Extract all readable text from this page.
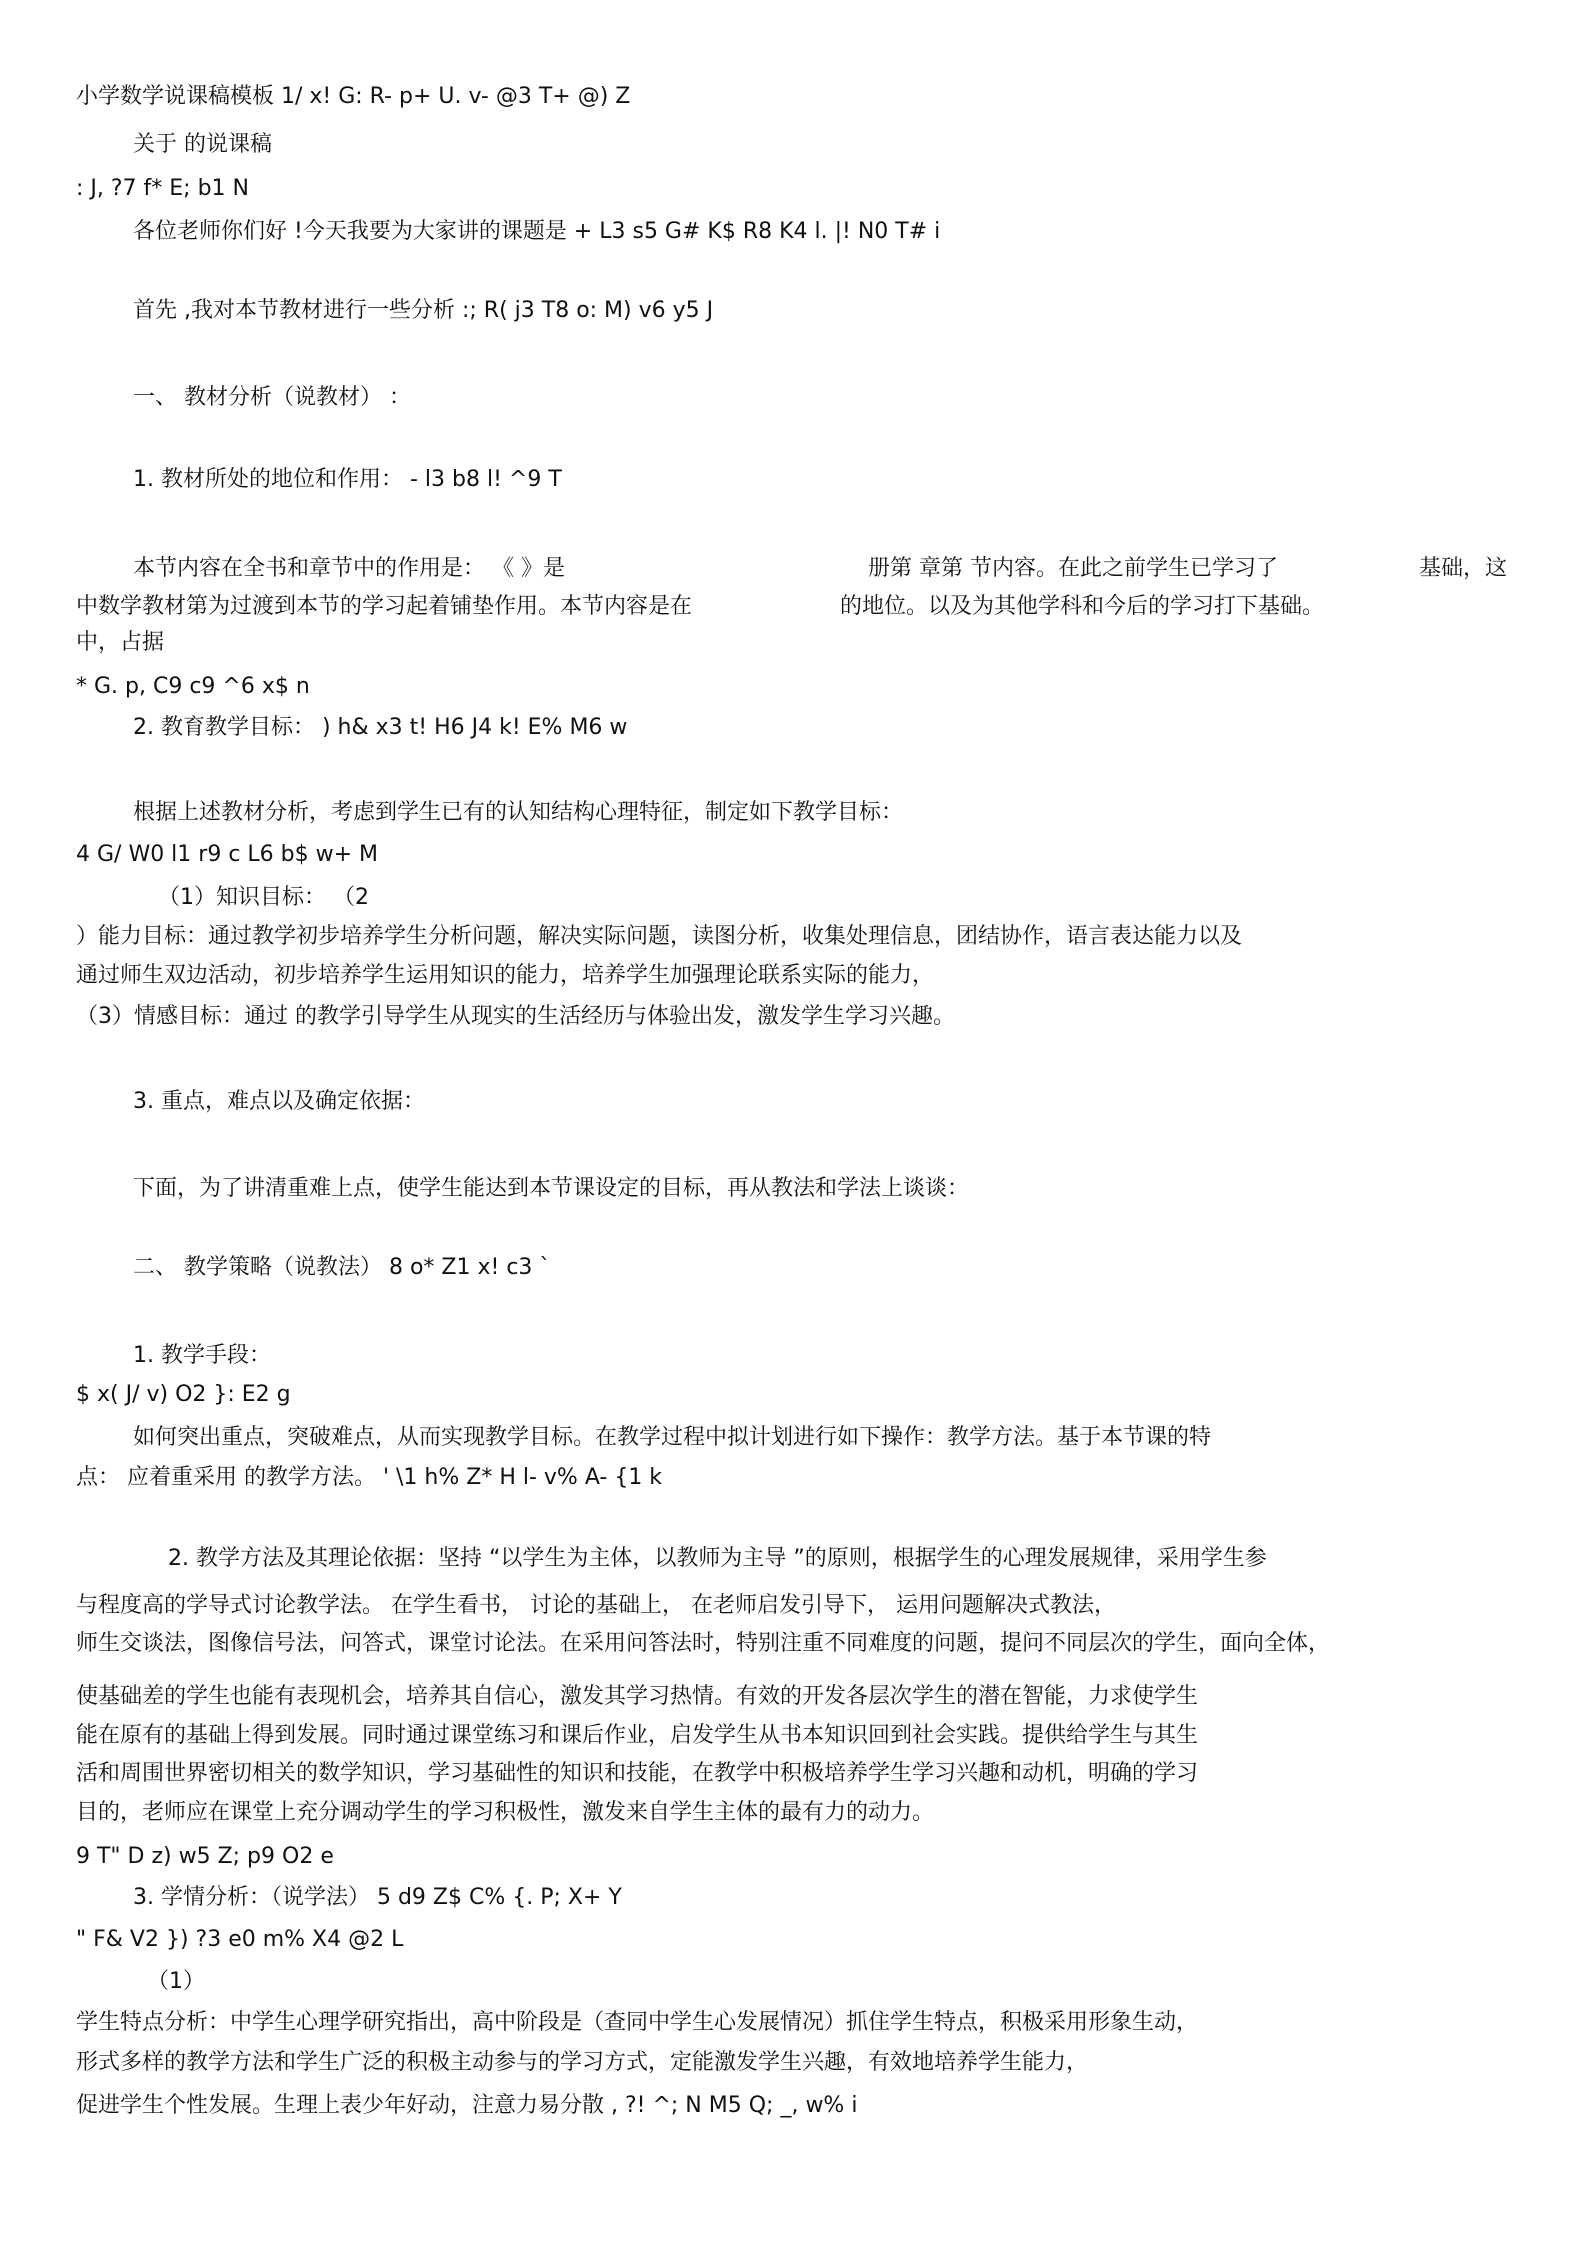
小学数学说课稿模板 1/ x! G: R- p+ U. v- @3 T+ @) Z
关于 的说课稿
: J, ?7 f* E; b1 N
各位老师你们好 !今天我要为大家讲的课题是 + L3 s5 G# K$ R8 K4 l. |! N0 T# i
首先 ,我对本节教材进行一些分析 :; R( j3 T8 o: M) v6 y5 J
一、 教材分析（说教材） ：
1. 教材所处的地位和作用： - l3 b8 l! ^9 T
本节内容在全书和章节中的作用是： 《 》是	册第 章第 节内容。在此之前学生已学习了	基础，这
中数学教材第为过渡到本节的学习起着铺垫作用。本节内容是在	的地位。以及为其他学科和今后的学习打下基础。
中，占据
* G. p, C9 c9 ^6 x$ n
2. 教育教学目标： ) h& x3 t! H6 J4 k! E% M6 w
根据上述教材分析，考虑到学生已有的认知结构心理特征，制定如下教学目标：
4 G/ W0 l1 r9 c L6 b$ w+ M
（1）知识目标： （2
）能力目标：通过教学初步培养学生分析问题，解决实际问题，读图分析，收集处理信息，团结协作，语言表达能力以及
通过师生双边活动，初步培养学生运用知识的能力，培养学生加强理论联系实际的能力，
（3）情感目标：通过 的教学引导学生从现实的生活经历与体验出发，激发学生学习兴趣。
3. 重点，难点以及确定依据：
下面，为了讲清重难上点，使学生能达到本节课设定的目标，再从教法和学法上谈谈：
二、 教学策略（说教法） 8 o* Z1 x! c3 `
1. 教学手段：
$ x( J/ v) O2 }: E2 g
如何突出重点，突破难点，从而实现教学目标。在教学过程中拟计划进行如下操作：教学方法。基于本节课的特
点： 应着重采用 的教学方法。 ' \1 h% Z* H l- v% A- {1 k
2. 教学方法及其理论依据：坚持 “以学生为主体，以教师为主导 ”的原则，根据学生的心理发展规律，采用学生参
与程度高的学导式讨论教学法。 在学生看书， 讨论的基础上， 在老师启发引导下， 运用问题解决式教法，
师生交谈法，图像信号法，问答式，课堂讨论法。在采用问答法时，特别注重不同难度的问题，提问不同层次的学生，面向全体，
使基础差的学生也能有表现机会，培养其自信心，激发其学习热情。有效的开发各层次学生的潜在智能，力求使学生
能在原有的基础上得到发展。同时通过课堂练习和课后作业，启发学生从书本知识回到社会实践。提供给学生与其生
活和周围世界密切相关的数学知识，学习基础性的知识和技能，在教学中积极培养学生学习兴趣和动机，明确的学习
目的，老师应在课堂上充分调动学生的学习积极性，激发来自学生主体的最有力的动力。
9 T" D z) w5 Z; p9 O2 e
3. 学情分析：（说学法） 5 d9 Z$ C% {. P; X+ Y
" F& V2 }) ?3 e0 m% X4 @2 L
（1）
学生特点分析：中学生心理学研究指出，高中阶段是（查同中学生心发展情况）抓住学生特点，积极采用形象生动，
形式多样的教学方法和学生广泛的积极主动参与的学习方式，定能激发学生兴趣，有效地培养学生能力，
促进学生个性发展。生理上表少年好动，注意力易分散 , ?! ^; N M5 Q; _, w% i
